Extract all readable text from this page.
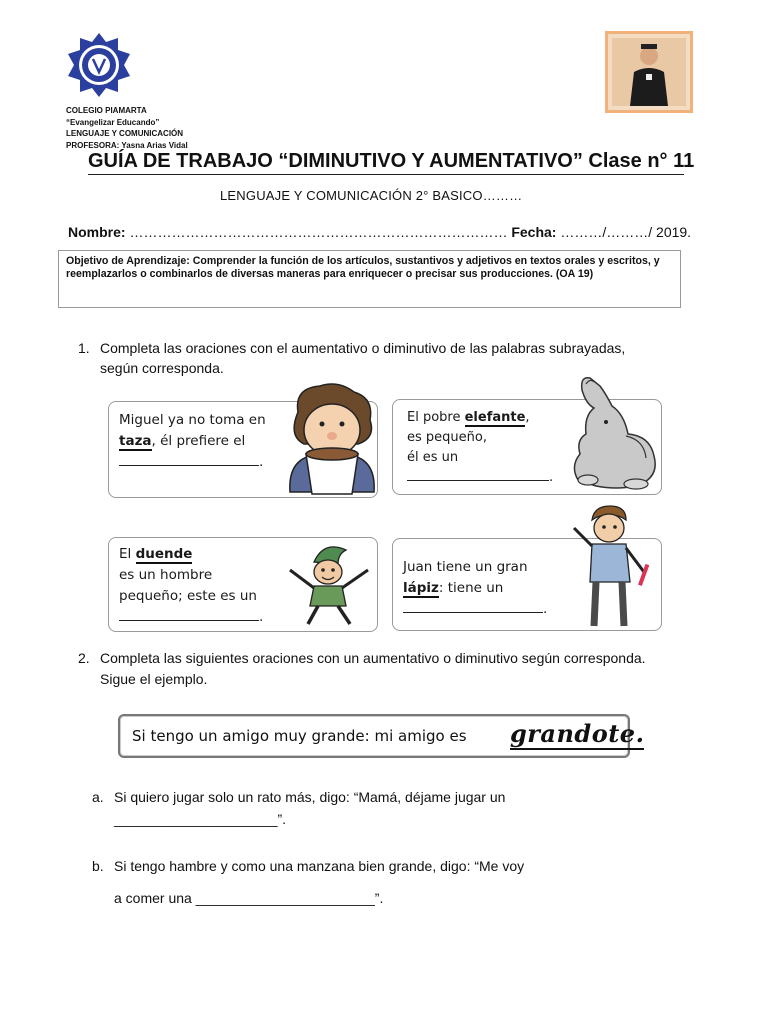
COLEGIO PIAMARTA
“Evangelizar Educando”
LENGUAJE Y COMUNICACIÓN
PROFESORA: Yasna Arias Vidal
GUÍA DE TRABAJO “DIMINUTIVO Y AUMENTATIVO” Clase n° 11
LENGUAJE Y COMUNICACIÓN 2° BASICO………
Nombre: ……………………………………………………………………… Fecha: ………/………/ 2019.
Objetivo de Aprendizaje: Comprender la función de los artículos, sustantivos y adjetivos en textos orales y escritos, y reemplazarlos o combinarlos de diversas maneras para enriquecer o precisar sus producciones. (OA 19)
1. Completa las oraciones con el aumentativo o diminutivo de las palabras subrayadas, según corresponda.
Miguel ya no toma en
taza, él prefiere el
.
El pobre elefante,
es pequeño,
él es un
.
El duende
es un hombre
pequeño; este es un
.
Juan tiene un gran
lápiz: tiene un
.
2. Completa las siguientes oraciones con un aumentativo o diminutivo según corresponda. Sigue el ejemplo.
Si tengo un amigo muy grande: mi amigo es grandote.
a. Si quiero jugar solo un rato más, digo: “Mamá, déjame jugar un
_____________________”.
b. Si tengo hambre y como una manzana bien grande, digo: “Me voy
a comer una _______________________”.
